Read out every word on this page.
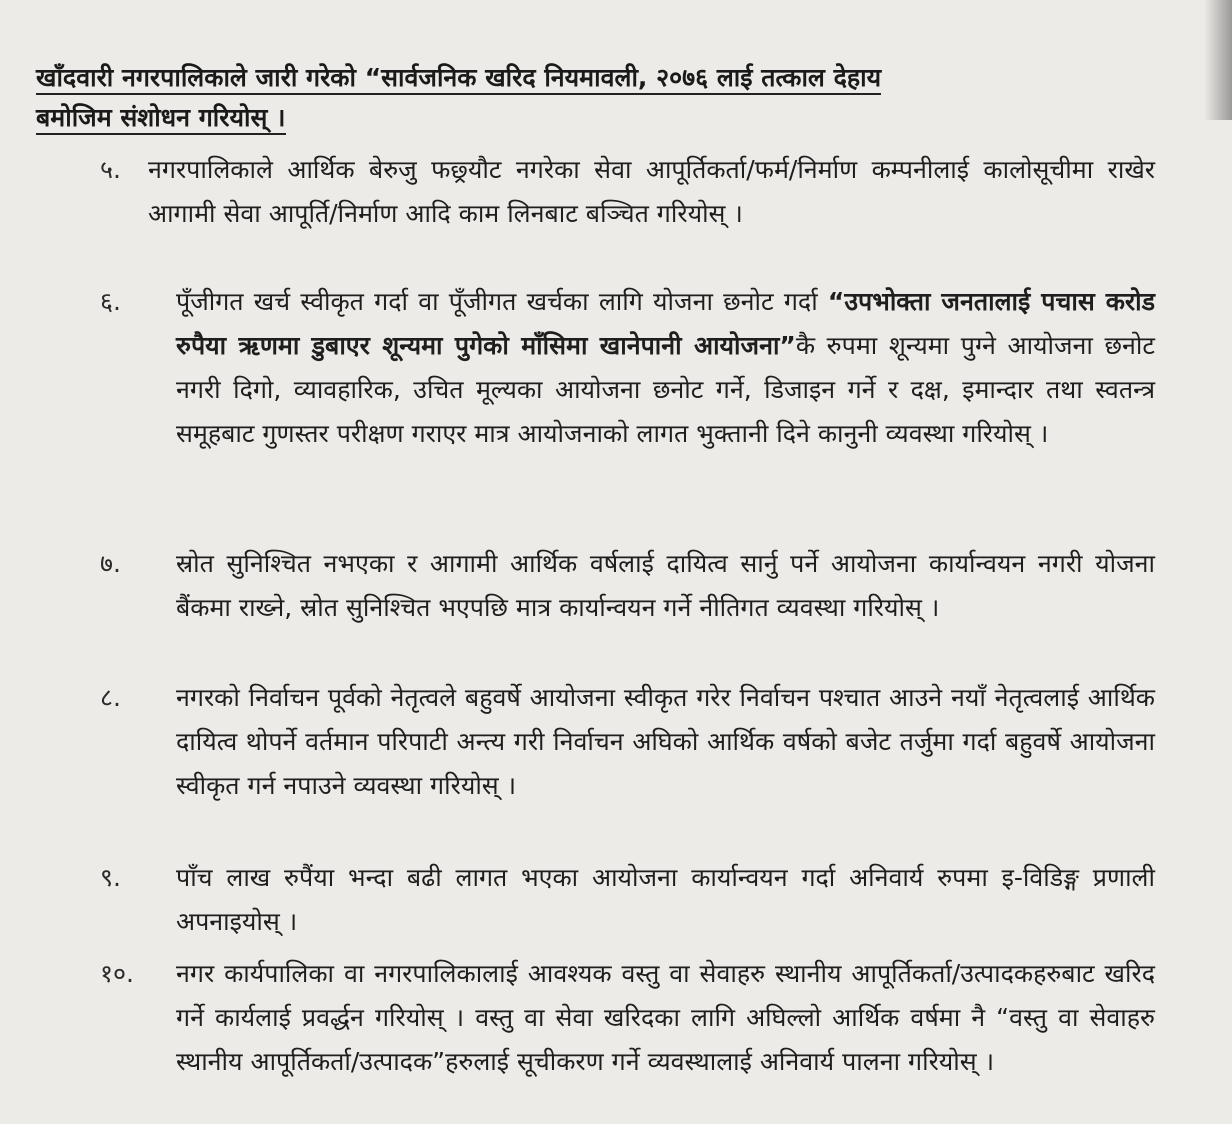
खाँदवारी नगरपालिकाले जारी गरेको “सार्वजनिक खरिद नियमावली, २०७६ लाई तत्काल देहाय
बमोजिम संशोधन गरियोस् ।
५.	नगरपालिकाले आर्थिक बेरुजु फछ्र्यौट नगरेका सेवा आपूर्तिकर्ता/फर्म/निर्माण कम्पनीलाई कालोसूचीमा राखेर आगामी सेवा आपूर्ति/निर्माण आदि काम लिनबाट बञ्चित गरियोस् ।
६.	पूँजीगत खर्च स्वीकृत गर्दा वा पूँजीगत खर्चका लागि योजना छनोट गर्दा “उपभोक्ता जनतालाई पचास करोड रुपैया ऋणमा डुबाएर शून्यमा पुगेको माँसिमा खानेपानी आयोजना”कै रुपमा शून्यमा पुग्ने आयोजना छनोट नगरी दिगो, व्यावहारिक, उचित मूल्यका आयोजना छनोट गर्ने, डिजाइन गर्ने र दक्ष, इमान्दार तथा स्वतन्त्र समूहबाट गुणस्तर परीक्षण गराएर मात्र आयोजनाको लागत भुक्तानी दिने कानुनी व्यवस्था गरियोस् ।
७.	स्रोत सुनिश्चित नभएका र आगामी आर्थिक वर्षलाई दायित्व सार्नु पर्ने आयोजना कार्यान्वयन नगरी योजना बैंकमा राख्ने, स्रोत सुनिश्चित भएपछि मात्र कार्यान्वयन गर्ने नीतिगत व्यवस्था गरियोस् ।
८.	नगरको निर्वाचन पूर्वको नेतृत्वले बहुवर्षे आयोजना स्वीकृत गरेर निर्वाचन पश्चात आउने नयाँ नेतृत्वलाई आर्थिक दायित्व थोपर्ने वर्तमान परिपाटी अन्त्य गरी निर्वाचन अघिको आर्थिक वर्षको बजेट तर्जुमा गर्दा बहुवर्षे आयोजना स्वीकृत गर्न नपाउने व्यवस्था गरियोस् ।
९.	पाँच लाख रुपैंया भन्दा बढी लागत भएका आयोजना कार्यान्वयन गर्दा अनिवार्य रुपमा इ-विडिङ्ग प्रणाली अपनाइयोस् ।
१०.	नगर कार्यपालिका वा नगरपालिकालाई आवश्यक वस्तु वा सेवाहरु स्थानीय आपूर्तिकर्ता/उत्पादकहरुबाट खरिद गर्ने कार्यलाई प्रवर्द्धन गरियोस् । वस्तु वा सेवा खरिदका लागि अघिल्लो आर्थिक वर्षमा नै “वस्तु वा सेवाहरु स्थानीय आपूर्तिकर्ता/उत्पादक”हरुलाई सूचीकरण गर्ने व्यवस्थालाई अनिवार्य पालना गरियोस् ।
